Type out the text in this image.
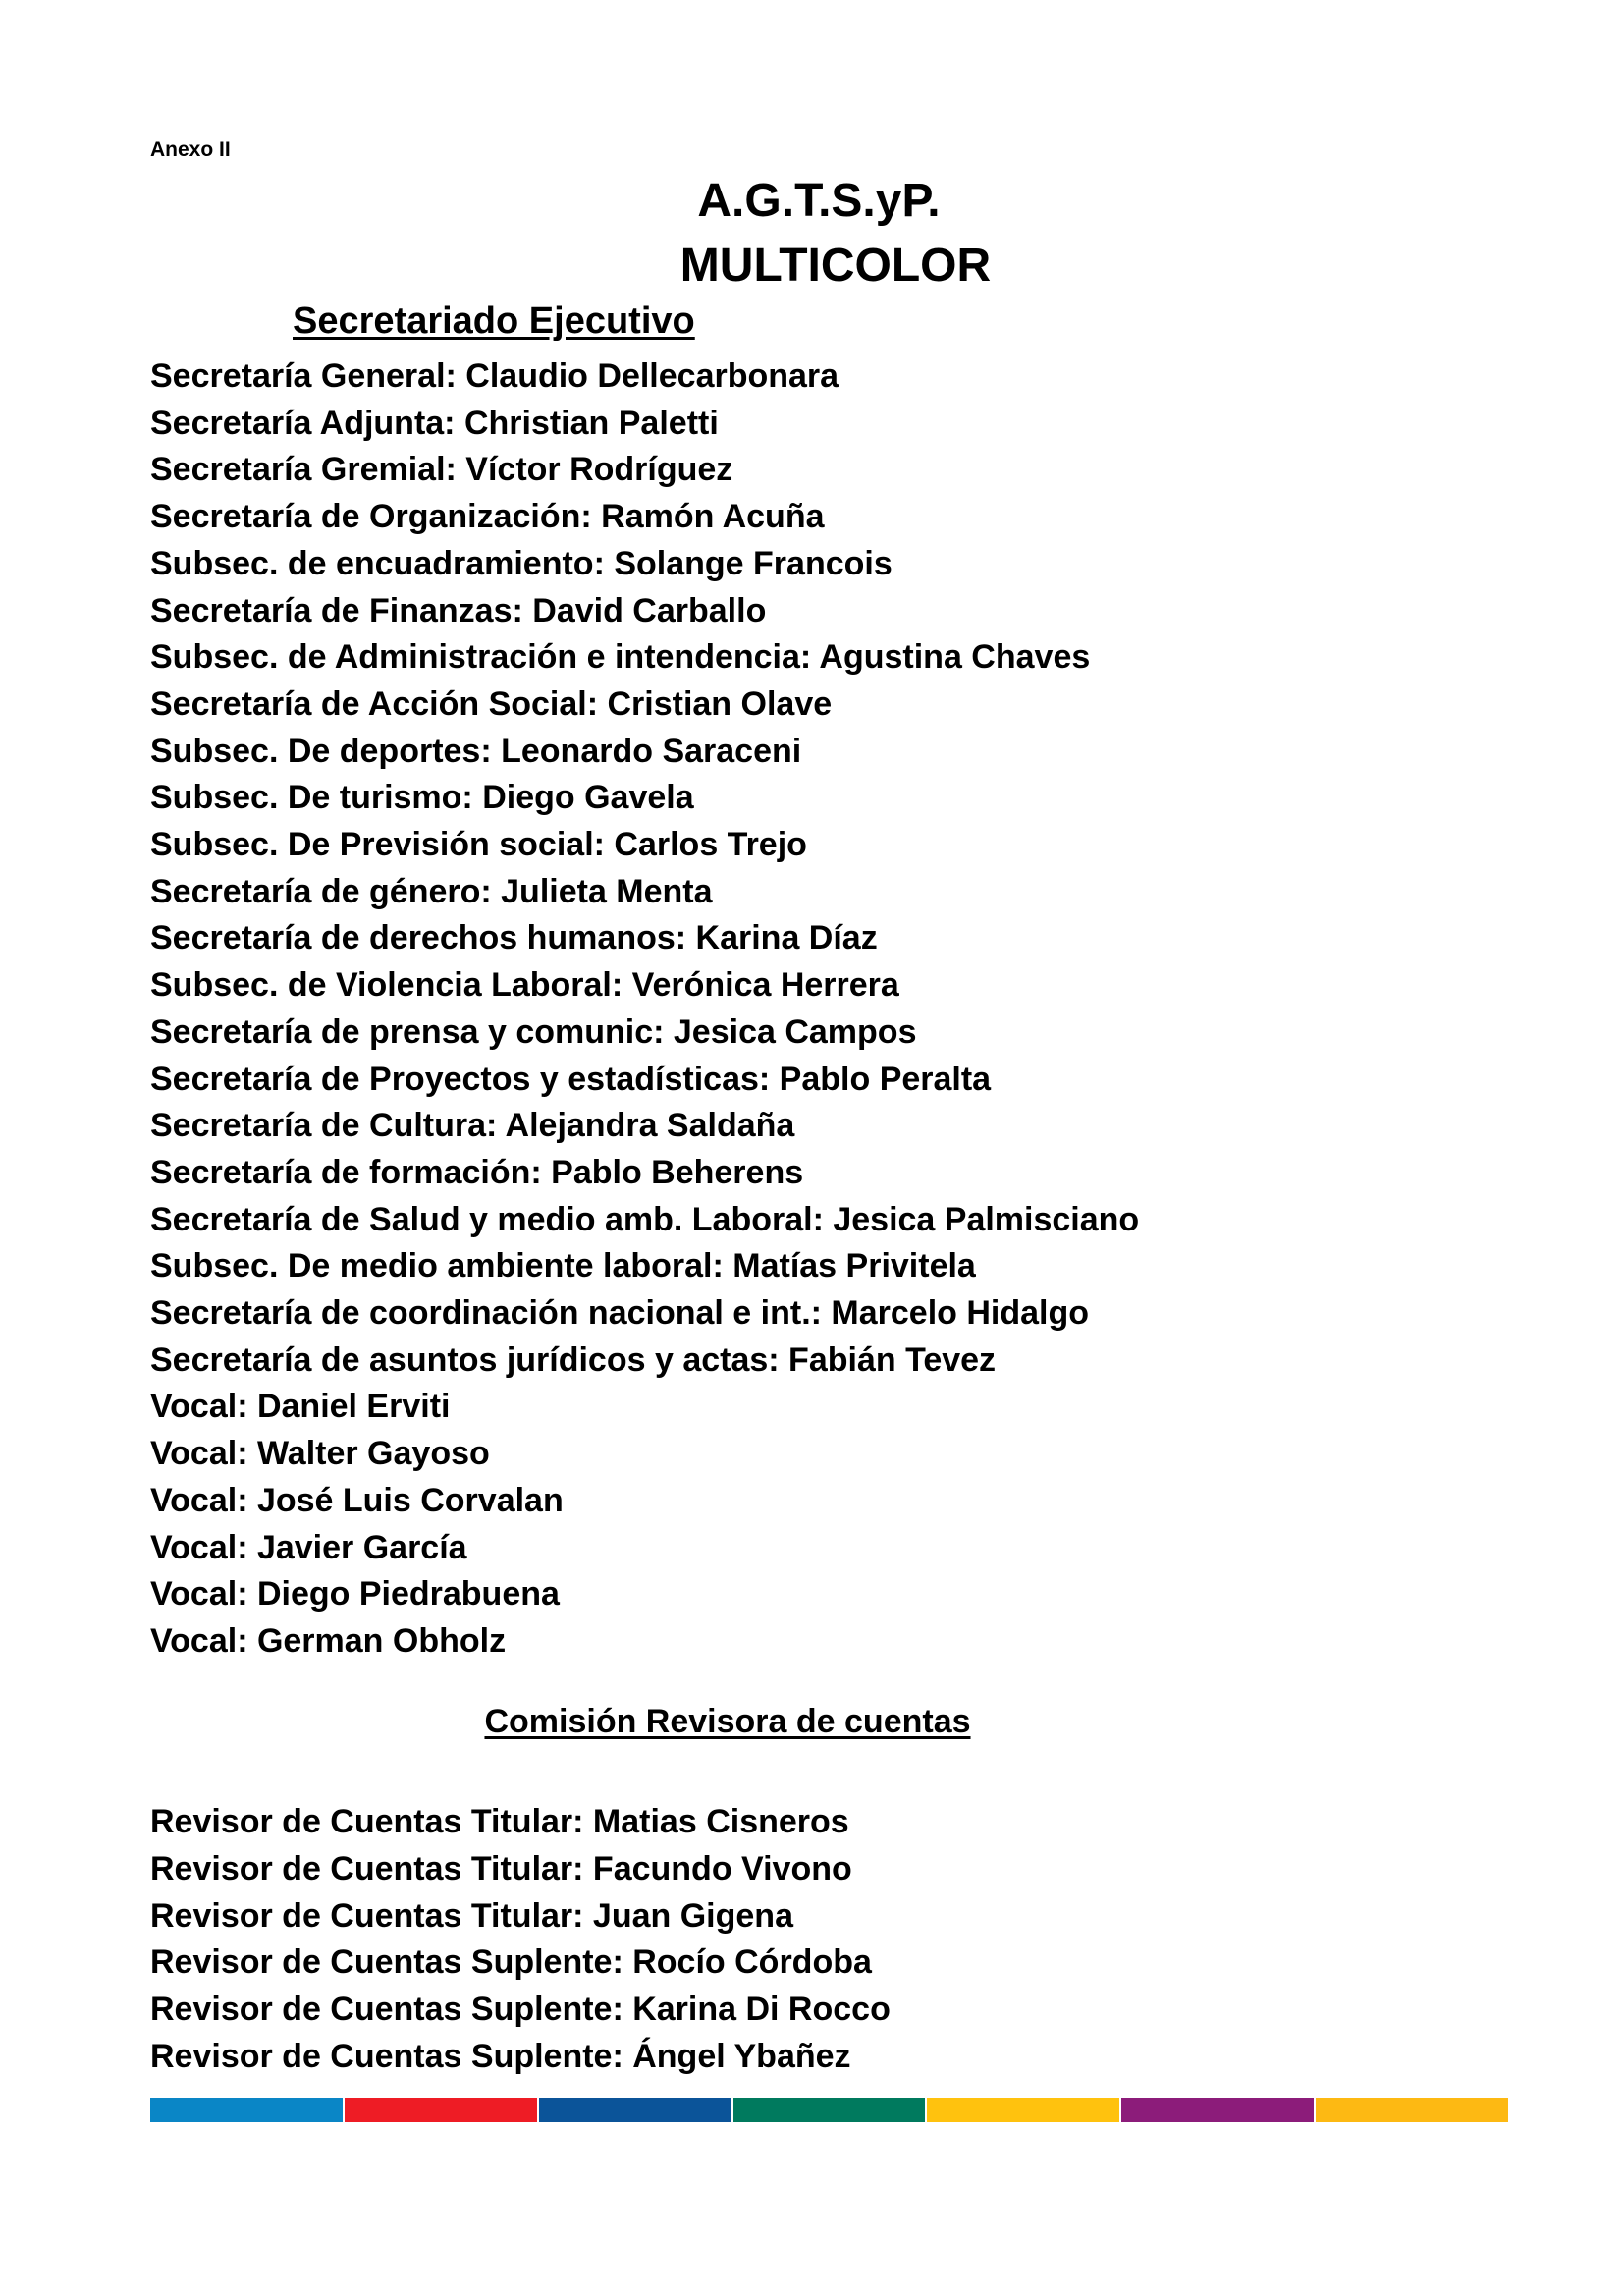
Anexo II
A.G.T.S.yP.
MULTICOLOR
Secretariado Ejecutivo
Secretaría General: Claudio Dellecarbonara
Secretaría Adjunta: Christian Paletti
Secretaría Gremial: Víctor Rodríguez
Secretaría de Organización: Ramón Acuña
Subsec. de encuadramiento: Solange Francois
Secretaría de Finanzas: David Carballo
Subsec. de Administración e intendencia: Agustina Chaves
Secretaría de Acción Social: Cristian Olave
Subsec. De deportes: Leonardo Saraceni
Subsec. De turismo: Diego Gavela
Subsec. De Previsión social: Carlos Trejo
Secretaría de género: Julieta Menta
Secretaría de derechos humanos: Karina Díaz
Subsec. de Violencia Laboral: Verónica Herrera
Secretaría de prensa y comunic: Jesica Campos
Secretaría de Proyectos y estadísticas: Pablo Peralta
Secretaría de Cultura: Alejandra Saldaña
Secretaría de formación: Pablo Beherens
Secretaría de Salud y medio amb. Laboral: Jesica Palmisciano
Subsec. De medio ambiente laboral: Matías Privitela
Secretaría de coordinación nacional e int.: Marcelo Hidalgo
Secretaría de asuntos jurídicos y actas: Fabián Tevez
Vocal: Daniel Erviti
Vocal: Walter Gayoso
Vocal: José Luis Corvalan
Vocal: Javier García
Vocal: Diego Piedrabuena
Vocal: German Obholz
Comisión Revisora de cuentas
Revisor de Cuentas Titular: Matias Cisneros
Revisor de Cuentas Titular: Facundo Vivono
Revisor de Cuentas Titular: Juan Gigena
Revisor de Cuentas Suplente: Rocío Córdoba
Revisor de Cuentas Suplente: Karina Di Rocco
Revisor de Cuentas Suplente: Ángel Ybañez
